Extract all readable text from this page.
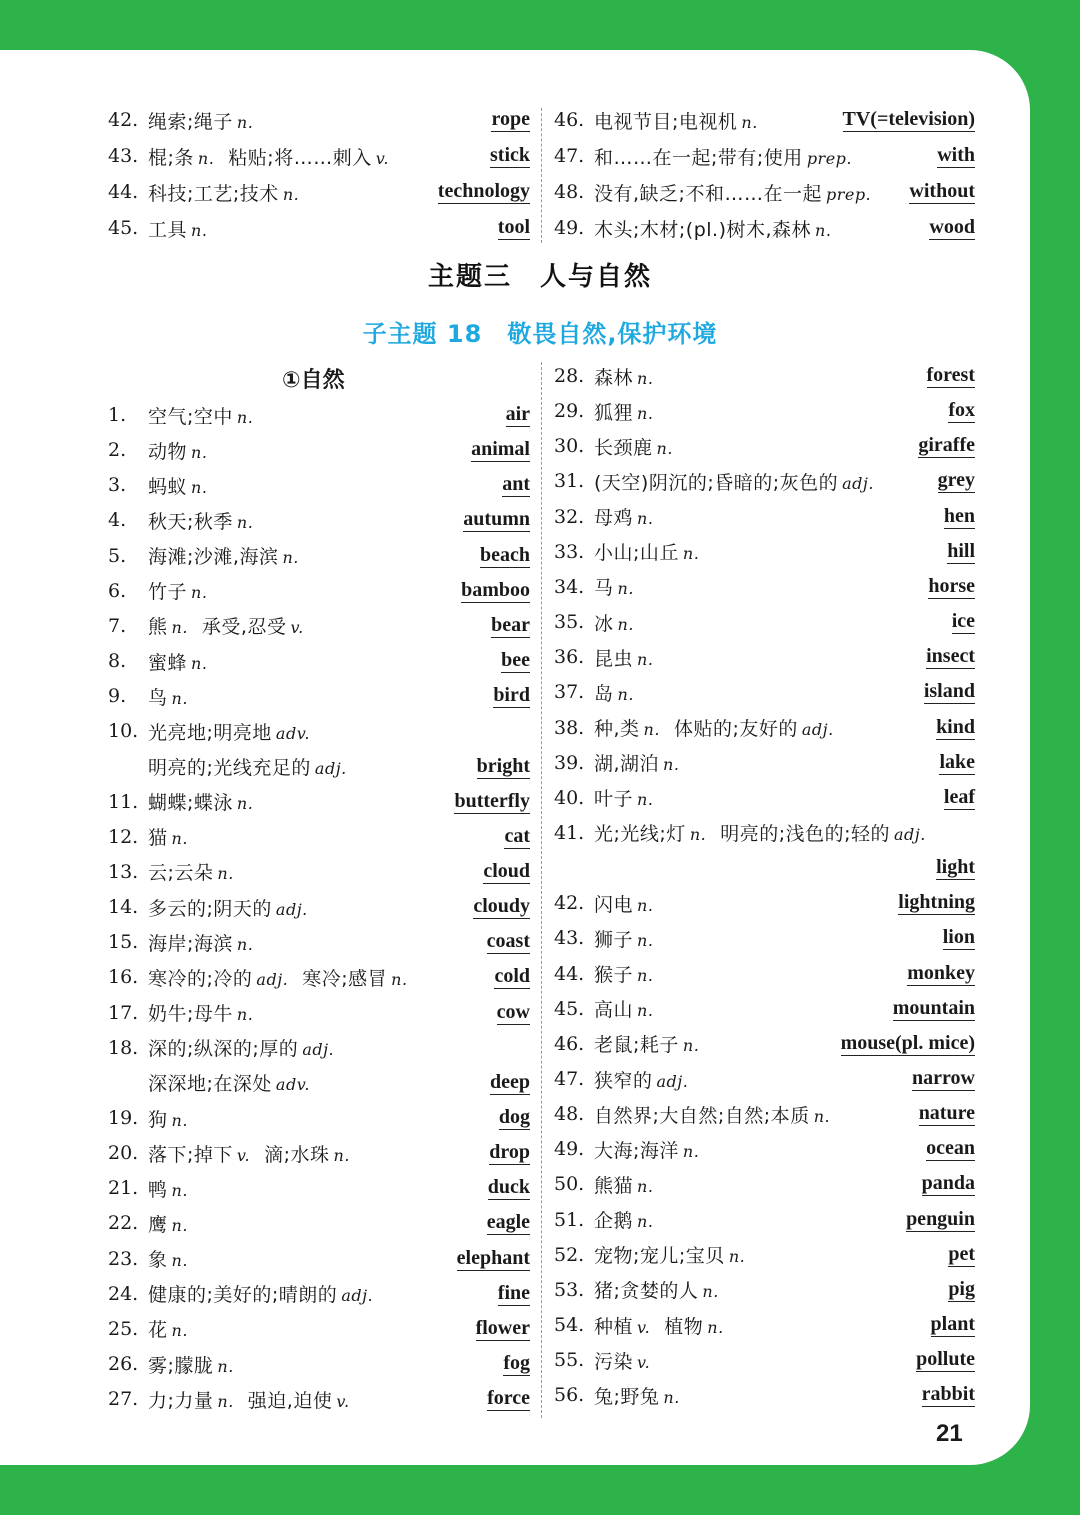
42. 绳索;绳子 n.	rope
43. 棍;条 n. 粘贴;将……刺入 v.	stick
44. 科技;工艺;技术 n.	technology
45. 工具 n.	tool
46. 电视节目;电视机 n.	TV(=television)
47. 和……在一起;带有;使用 prep.	with
48. 没有,缺乏;不和……在一起 prep.	without
49. 木头;木材;(pl.)树木,森林 n.	wood
主题三　人与自然
子主题 18　敬畏自然,保护环境
①自然
1.	空气;空中 n.	air
2.	动物 n.	animal
3.	蚂蚁 n.	ant
4.	秋天;秋季 n.	autumn
5.	海滩;沙滩,海滨 n.	beach
6.	竹子 n.	bamboo
7.	熊 n. 承受,忍受 v.	bear
8.	蜜蜂 n.	bee
9.	鸟 n.	bird
10. 光亮地;明亮地 adv.
明亮的;光线充足的 adj.	bright
11. 蝴蝶;蝶泳 n.	butterfly
12. 猫 n.	cat
13. 云;云朵 n.	cloud
14. 多云的;阴天的 adj.	cloudy
15. 海岸;海滨 n.	coast
16. 寒冷的;冷的 adj. 寒冷;感冒 n.	cold
17. 奶牛;母牛 n.	cow
18. 深的;纵深的;厚的 adj.
深深地;在深处 adv.	deep
19. 狗 n.	dog
20. 落下;掉下 v. 滴;水珠 n.	drop
21. 鸭 n.	duck
22. 鹰 n.	eagle
23. 象 n.	elephant
24. 健康的;美好的;晴朗的 adj.	fine
25. 花 n.	flower
26. 雾;朦胧 n.	fog
27. 力;力量 n. 强迫,迫使 v.	force
28. 森林 n.	forest
29. 狐狸 n.	fox
30. 长颈鹿 n.	giraffe
31. (天空)阴沉的;昏暗的;灰色的 adj.	grey
32. 母鸡 n.	hen
33. 小山;山丘 n.	hill
34. 马 n.	horse
35. 冰 n.	ice
36. 昆虫 n.	insect
37. 岛 n.	island
38. 种,类 n. 体贴的;友好的 adj.	kind
39. 湖,湖泊 n.	lake
40. 叶子 n.	leaf
41. 光;光线;灯 n. 明亮的;浅色的;轻的 adj.
light
42. 闪电 n.	lightning
43. 狮子 n.	lion
44. 猴子 n.	monkey
45. 高山 n.	mountain
46. 老鼠;耗子 n.	mouse(pl. mice)
47. 狭窄的 adj.	narrow
48. 自然界;大自然;自然;本质 n.	nature
49. 大海;海洋 n.	ocean
50. 熊猫 n.	panda
51. 企鹅 n.	penguin
52. 宠物;宠儿;宝贝 n.	pet
53. 猪;贪婪的人 n.	pig
54. 种植 v. 植物 n.	plant
55. 污染 v.	pollute
56. 兔;野兔 n.	rabbit
21
